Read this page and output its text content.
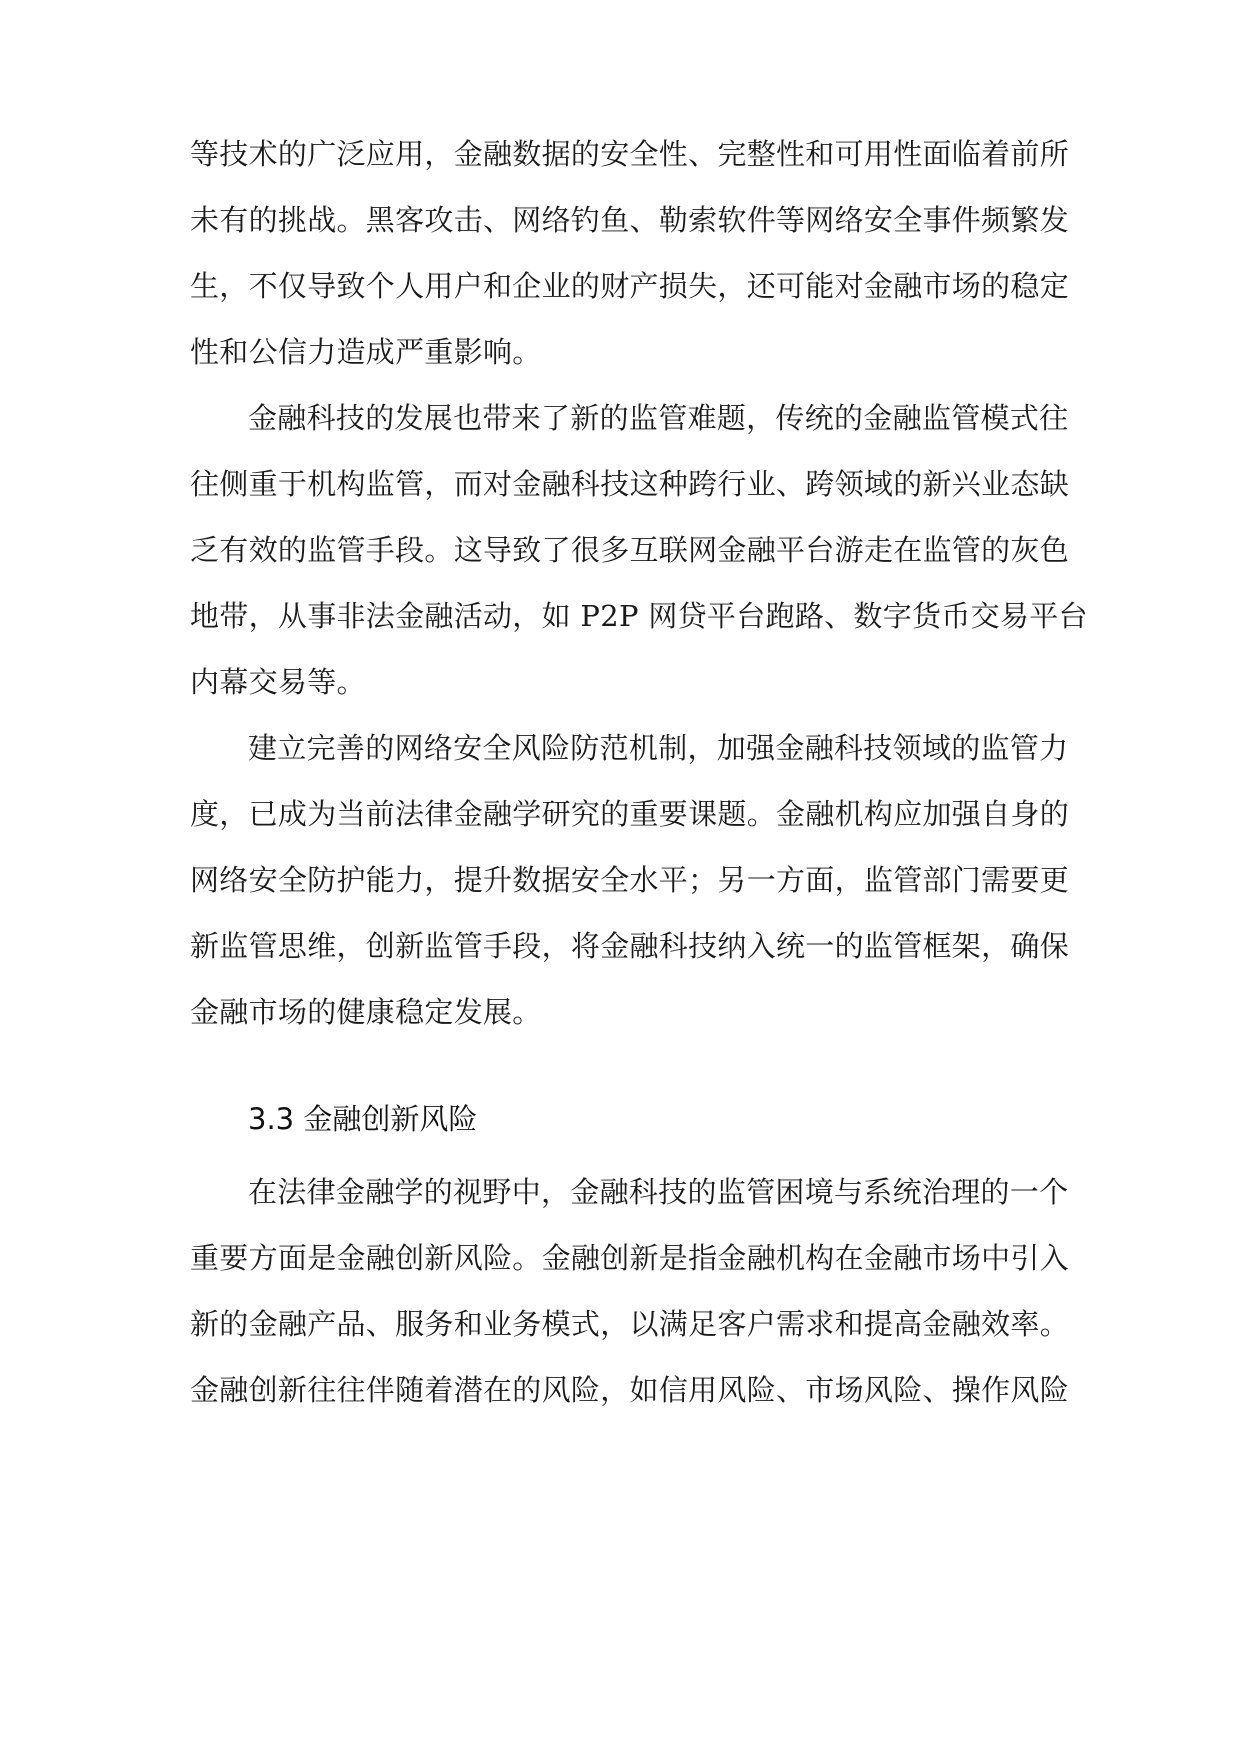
等技术的广泛应用，金融数据的安全性、完整性和可用性面临着前所
未有的挑战。黑客攻击、网络钓鱼、勒索软件等网络安全事件频繁发
生，不仅导致个人用户和企业的财产损失，还可能对金融市场的稳定
性和公信力造成严重影响。
金融科技的发展也带来了新的监管难题，传统的金融监管模式往
往侧重于机构监管，而对金融科技这种跨行业、跨领域的新兴业态缺
乏有效的监管手段。这导致了很多互联网金融平台游走在监管的灰色
地带，从事非法金融活动，如 P2P 网贷平台跑路、数字货币交易平台
内幕交易等。
建立完善的网络安全风险防范机制，加强金融科技领域的监管力
度，已成为当前法律金融学研究的重要课题。金融机构应加强自身的
网络安全防护能力，提升数据安全水平；另一方面，监管部门需要更
新监管思维，创新监管手段，将金融科技纳入统一的监管框架，确保
金融市场的健康稳定发展。
3.3 金融创新风险
在法律金融学的视野中，金融科技的监管困境与系统治理的一个
重要方面是金融创新风险。金融创新是指金融机构在金融市场中引入
新的金融产品、服务和业务模式，以满足客户需求和提高金融效率。
金融创新往往伴随着潜在的风险，如信用风险、市场风险、操作风险
